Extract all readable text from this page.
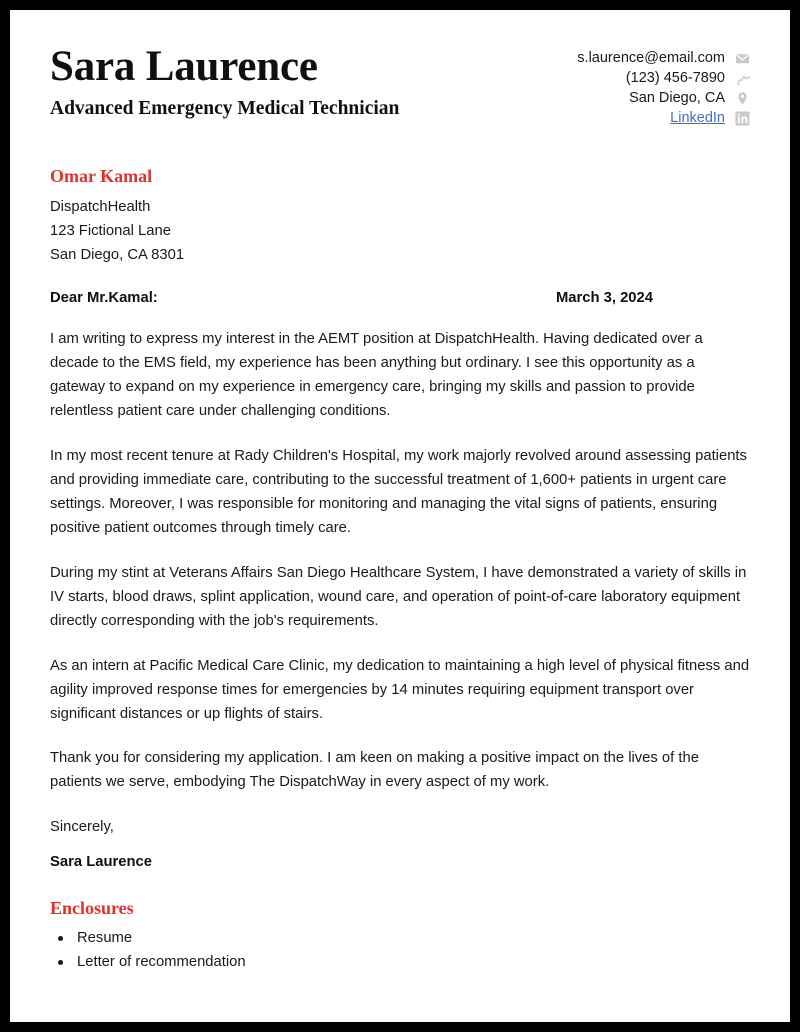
Sara Laurence
Advanced Emergency Medical Technician
s.laurence@email.com
(123) 456-7890
San Diego, CA
LinkedIn
Omar Kamal
DispatchHealth
123 Fictional Lane
San Diego, CA 8301
Dear Mr.Kamal:	March 3, 2024

I am writing to express my interest in the AEMT position at DispatchHealth. Having dedicated over a decade to the EMS field, my experience has been anything but ordinary. I see this opportunity as a gateway to expand on my experience in emergency care, bringing my skills and passion to provide relentless patient care under challenging conditions.

In my most recent tenure at Rady Children's Hospital, my work majorly revolved around assessing patients and providing immediate care, contributing to the successful treatment of 1,600+ patients in urgent care settings. Moreover, I was responsible for monitoring and managing the vital signs of patients, ensuring positive patient outcomes through timely care.

During my stint at Veterans Affairs San Diego Healthcare System, I have demonstrated a variety of skills in IV starts, blood draws, splint application, wound care, and operation of point-of-care laboratory equipment directly corresponding with the job's requirements.

As an intern at Pacific Medical Care Clinic, my dedication to maintaining a high level of physical fitness and agility improved response times for emergencies by 14 minutes requiring equipment transport over significant distances or up flights of stairs.

Thank you for considering my application. I am keen on making a positive impact on the lives of the patients we serve, embodying The DispatchWay in every aspect of my work.

Sincerely,

Sara Laurence

Enclosures
Resume
Letter of recommendation
